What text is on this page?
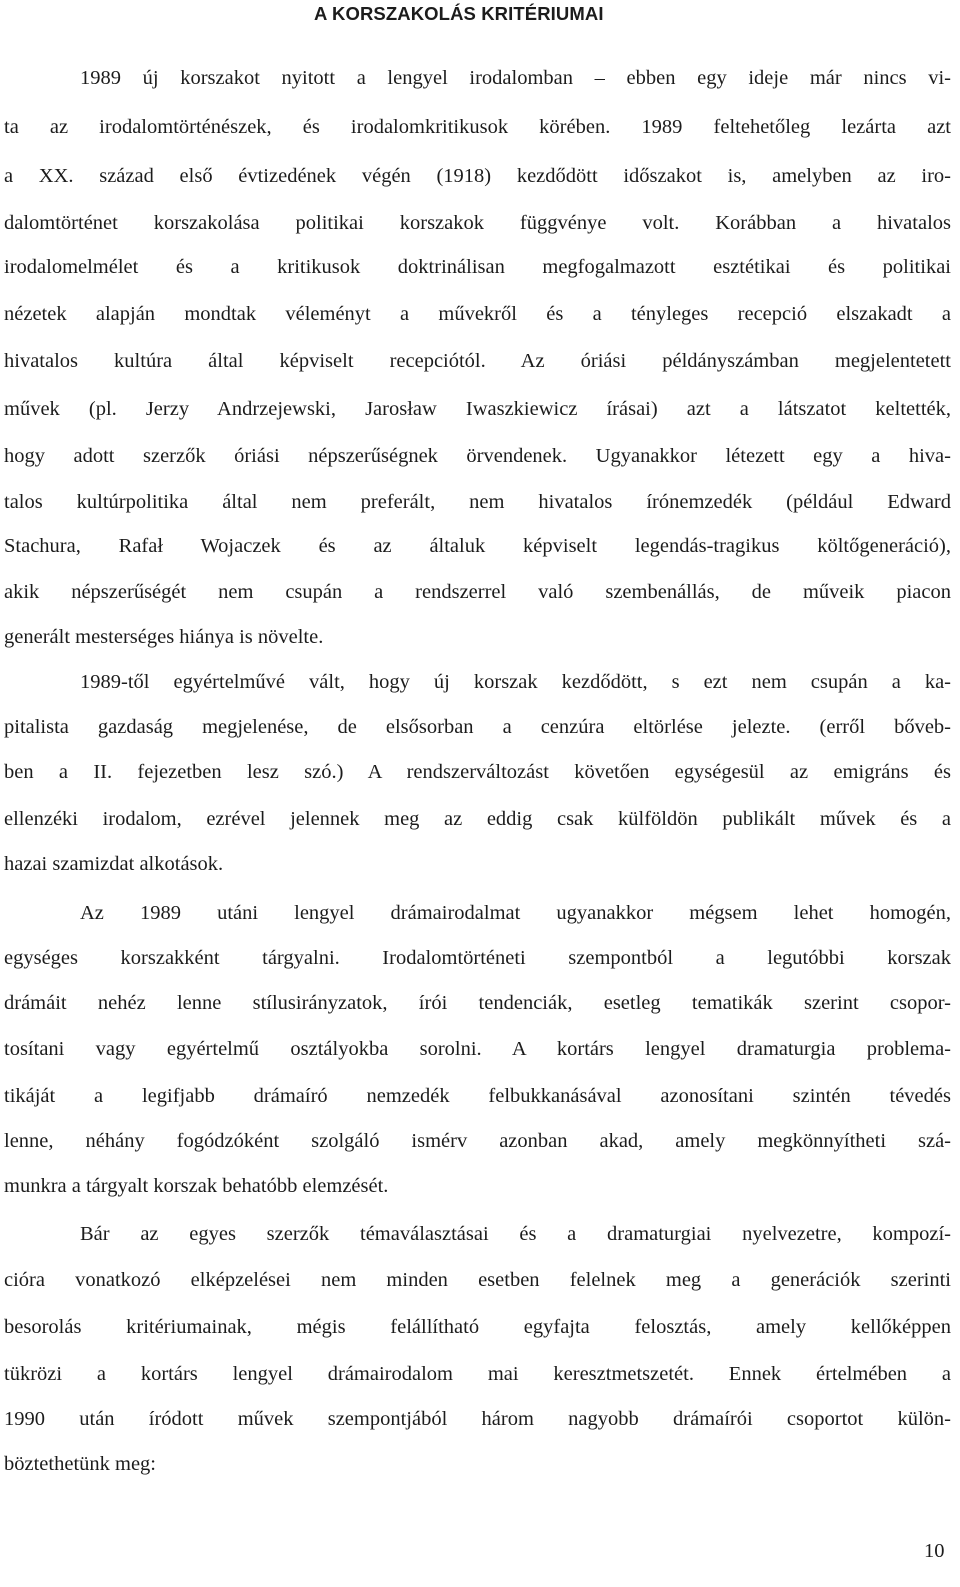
A KORSZAKOLÁS KRITÉRIUMAI
1989 új korszakot nyitott a lengyel irodalomban – ebben egy ideje már nincs vi-
ta az irodalomtörténészek, és irodalomkritikusok körében. 1989 feltehetőleg lezárta azt
a XX. század első évtizedének végén (1918) kezdődött időszakot is, amelyben az iro-
dalomtörténet korszakolása politikai korszakok függvénye volt. Korábban a hivatalos
irodalomelmélet és a kritikusok doktrinálisan megfogalmazott esztétikai és politikai
nézetek alapján mondtak véleményt a művekről és a tényleges recepció elszakadt a
hivatalos kultúra által képviselt recepciótól. Az óriási példányszámban megjelentetett
művek (pl. Jerzy Andrzejewski, Jarosław Iwaszkiewicz írásai) azt a látszatot keltették,
hogy adott szerzők óriási népszerűségnek örvendenek. Ugyanakkor létezett egy a hiva-
talos kultúrpolitika által nem preferált, nem hivatalos írónemzedék (például Edward
Stachura, Rafał Wojaczek és az általuk képviselt legendás-tragikus költőgeneráció),
akik népszerűségét nem csupán a rendszerrel való szembenállás, de műveik piacon
generált mesterséges hiánya is növelte.
1989-től egyértelművé vált, hogy új korszak kezdődött, s ezt nem csupán a ka-
pitalista gazdaság megjelenése, de elsősorban a cenzúra eltörlése jelezte. (erről bőveb-
ben a II. fejezetben lesz szó.) A rendszerváltozást követően egységesül az emigráns és
ellenzéki irodalom, ezrével jelennek meg az eddig csak külföldön publikált művek és a
hazai szamizdat alkotások.
Az 1989 utáni lengyel drámairodalmat ugyanakkor mégsem lehet homogén,
egységes korszakként tárgyalni. Irodalomtörténeti szempontból a legutóbbi korszak
drámáit nehéz lenne stílusirányzatok, írói tendenciák, esetleg tematikák szerint csopor-
tosítani vagy egyértelmű osztályokba sorolni. A kortárs lengyel dramaturgia problema-
tikáját a legifjabb drámaíró nemzedék felbukkanásával azonosítani szintén tévedés
lenne, néhány fogódzóként szolgáló ismérv azonban akad, amely megkönnyítheti szá-
munkra a tárgyalt korszak behatóbb elemzését.
Bár az egyes szerzők témaválasztásai és a dramaturgiai nyelvezetre, kompozí-
cióra vonatkozó elképzelései nem minden esetben felelnek meg a generációk szerinti
besorolás kritériumainak, mégis felállítható egyfajta felosztás, amely kellőképpen
tükrözi a kortárs lengyel drámairodalom mai keresztmetszetét. Ennek értelmében a
1990 után íródott művek szempontjából három nagyobb drámaírói csoportot külön-
böztethetünk meg:
10
